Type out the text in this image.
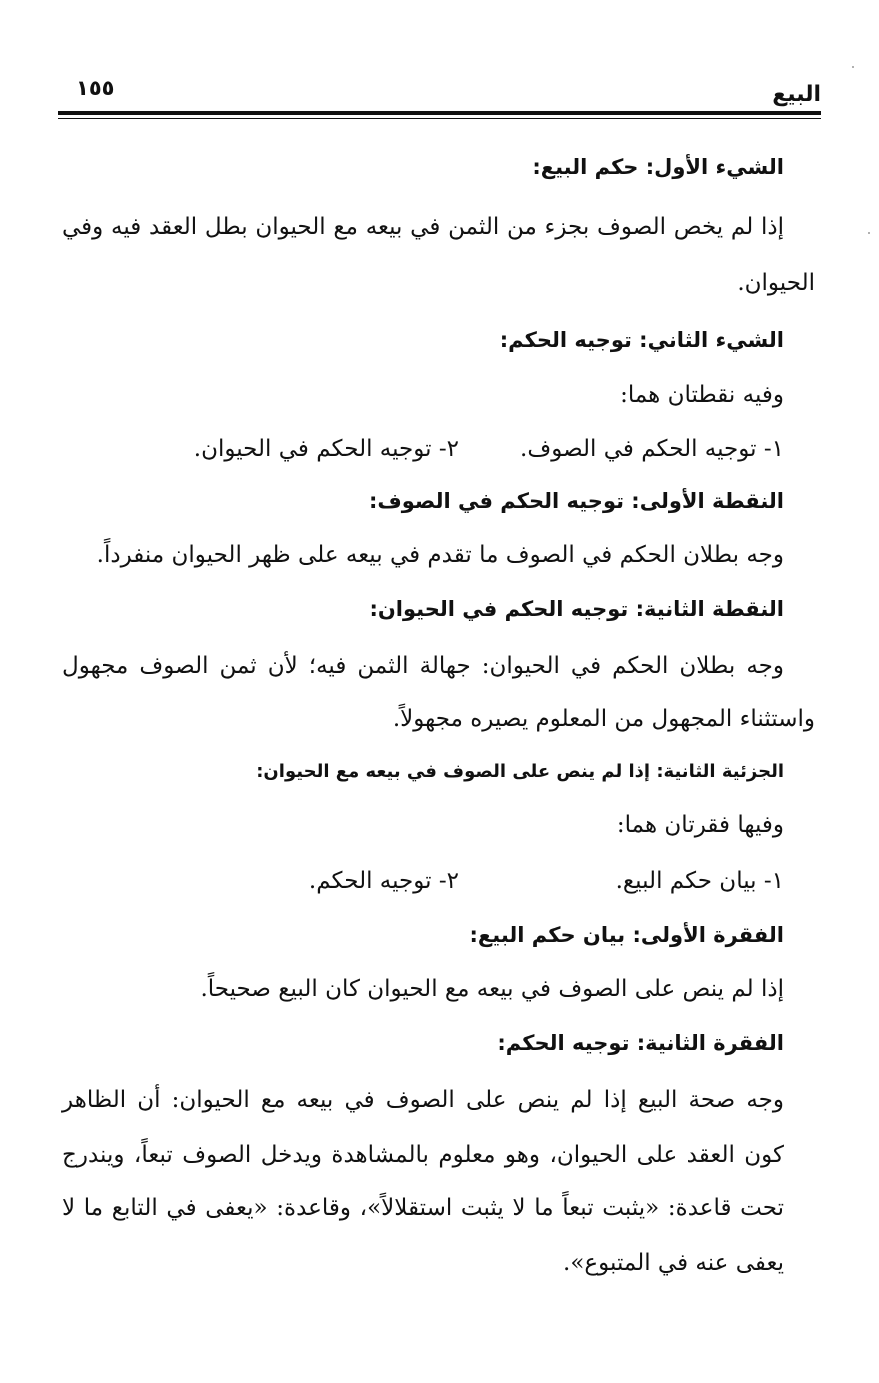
البيع
١٥٥
الشيء الأول: حكم البيع:
إذا لم يخص الصوف بجزء من الثمن في بيعه مع الحيوان بطل العقد فيه وفي
الحيوان.
الشيء الثاني: توجيه الحكم:
وفيه نقطتان هما:
١- توجيه الحكم في الصوف.
٢- توجيه الحكم في الحيوان.
النقطة الأولى: توجيه الحكم في الصوف:
وجه بطلان الحكم في الصوف ما تقدم في بيعه على ظهر الحيوان منفرداً.
النقطة الثانية: توجيه الحكم في الحيوان:
وجه بطلان الحكم في الحيوان: جهالة الثمن فيه؛ لأن ثمن الصوف مجهول
واستثناء المجهول من المعلوم يصيره مجهولاً.
الجزئية الثانية: إذا لم ينص على الصوف في بيعه مع الحيوان:
وفيها فقرتان هما:
١- بيان حكم البيع.
٢- توجيه الحكم.
الفقرة الأولى: بيان حكم البيع:
إذا لم ينص على الصوف في بيعه مع الحيوان كان البيع صحيحاً.
الفقرة الثانية: توجيه الحكم:
وجه صحة البيع إذا لم ينص على الصوف في بيعه مع الحيوان: أن الظاهر
كون العقد على الحيوان، وهو معلوم بالمشاهدة ويدخل الصوف تبعاً، ويندرج
تحت قاعدة: «يثبت تبعاً ما لا يثبت استقلالاً»، وقاعدة: «يعفى في التابع ما لا
يعفى عنه في المتبوع».
